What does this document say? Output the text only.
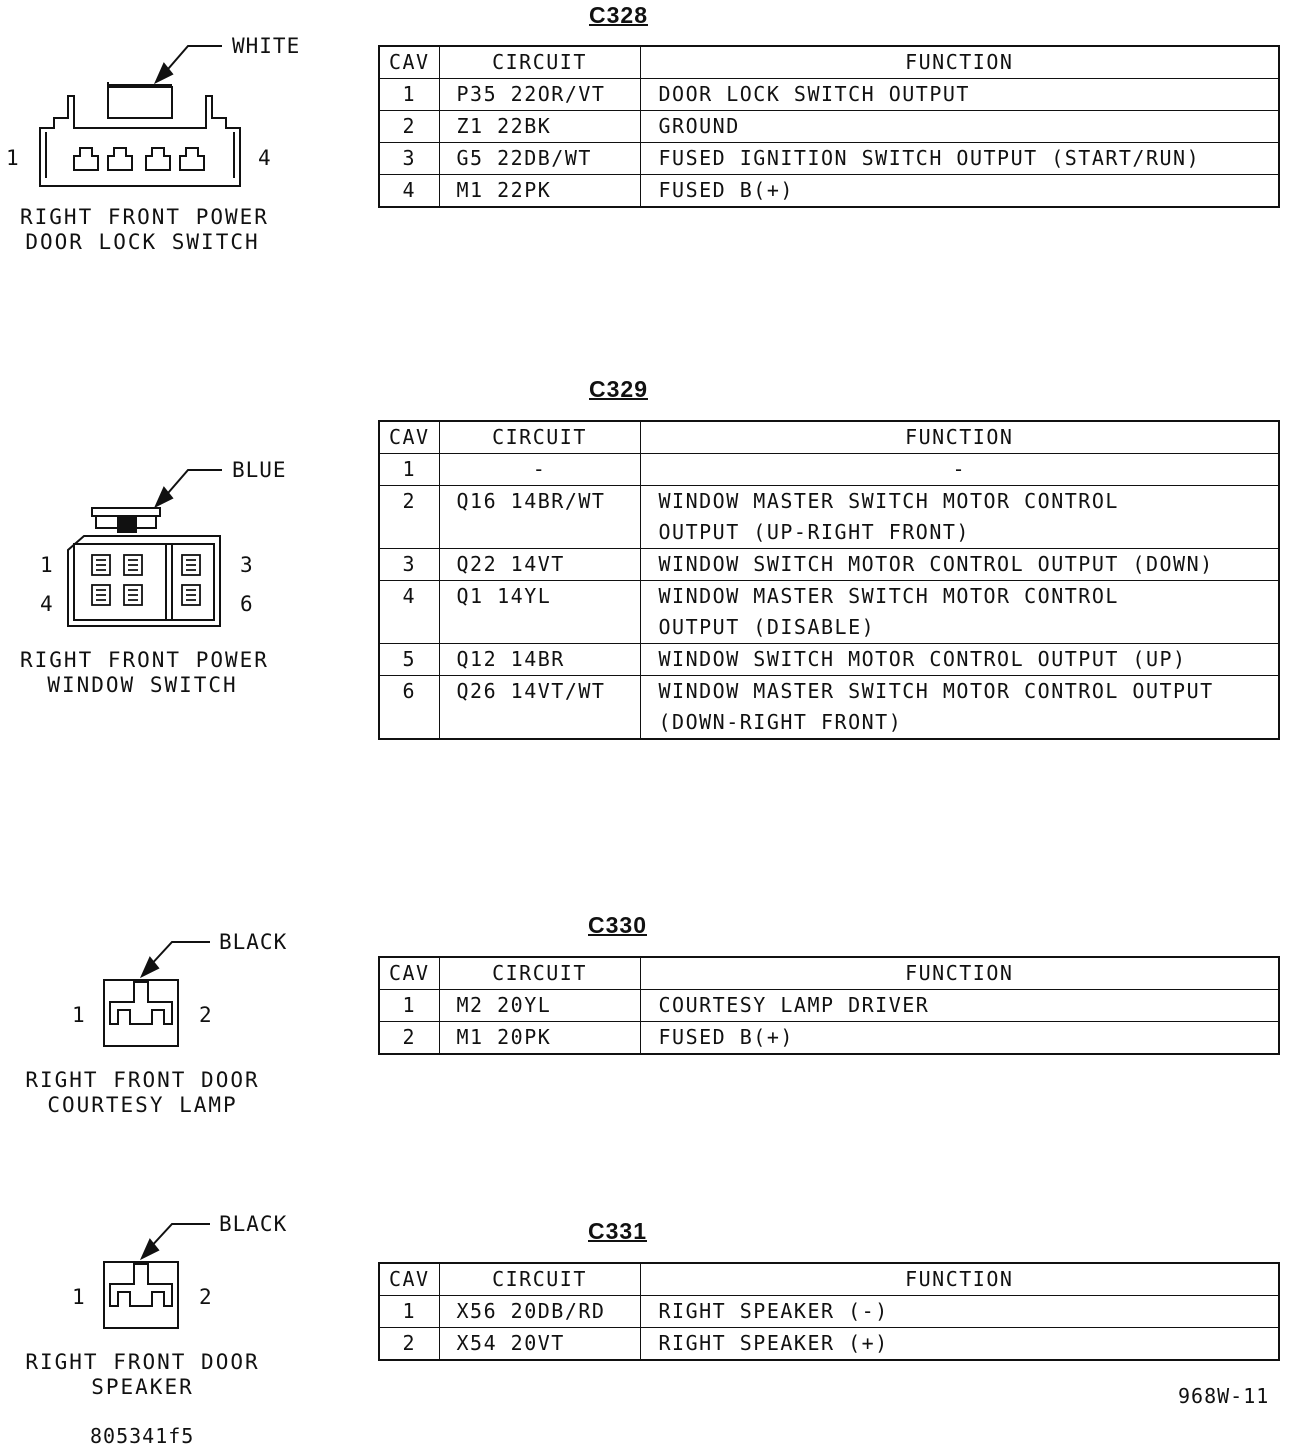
WHITE
1	4
RIGHT FRONT POWER
DOOR LOCK SWITCH
C328
CAV	CIRCUIT	FUNCTION
1	P35 22OR/VT	DOOR LOCK SWITCH OUTPUT

2	Z1 22BK	GROUND

3	G5 22DB/WT	FUSED IGNITION SWITCH OUTPUT (START/RUN)

4	M1 22PK	FUSED B(+)
BLUE
1	3
4	6
RIGHT FRONT POWER
WINDOW SWITCH
C329
CAV	CIRCUIT	FUNCTION
1	-	-

2	Q16 14BR/WT	WINDOW MASTER SWITCH MOTOR CONTROL
OUTPUT (UP-RIGHT FRONT)

3	Q22 14VT	WINDOW SWITCH MOTOR CONTROL OUTPUT (DOWN)

4	Q1 14YL	WINDOW MASTER SWITCH MOTOR CONTROL
OUTPUT (DISABLE)

5	Q12 14BR	WINDOW SWITCH MOTOR CONTROL OUTPUT (UP)

6	Q26 14VT/WT	WINDOW MASTER SWITCH MOTOR CONTROL OUTPUT
(DOWN-RIGHT FRONT)
BLACK
1	2
RIGHT FRONT DOOR
COURTESY LAMP
C330
CAV	CIRCUIT	FUNCTION
1	M2 20YL	COURTESY LAMP DRIVER

2	M1 20PK	FUSED B(+)
BLACK
1	2
RIGHT FRONT DOOR
SPEAKER
C331
CAV	CIRCUIT	FUNCTION
1	X56 20DB/RD	RIGHT SPEAKER (-)

2	X54 20VT	RIGHT SPEAKER (+)
968W-11
805341f5
